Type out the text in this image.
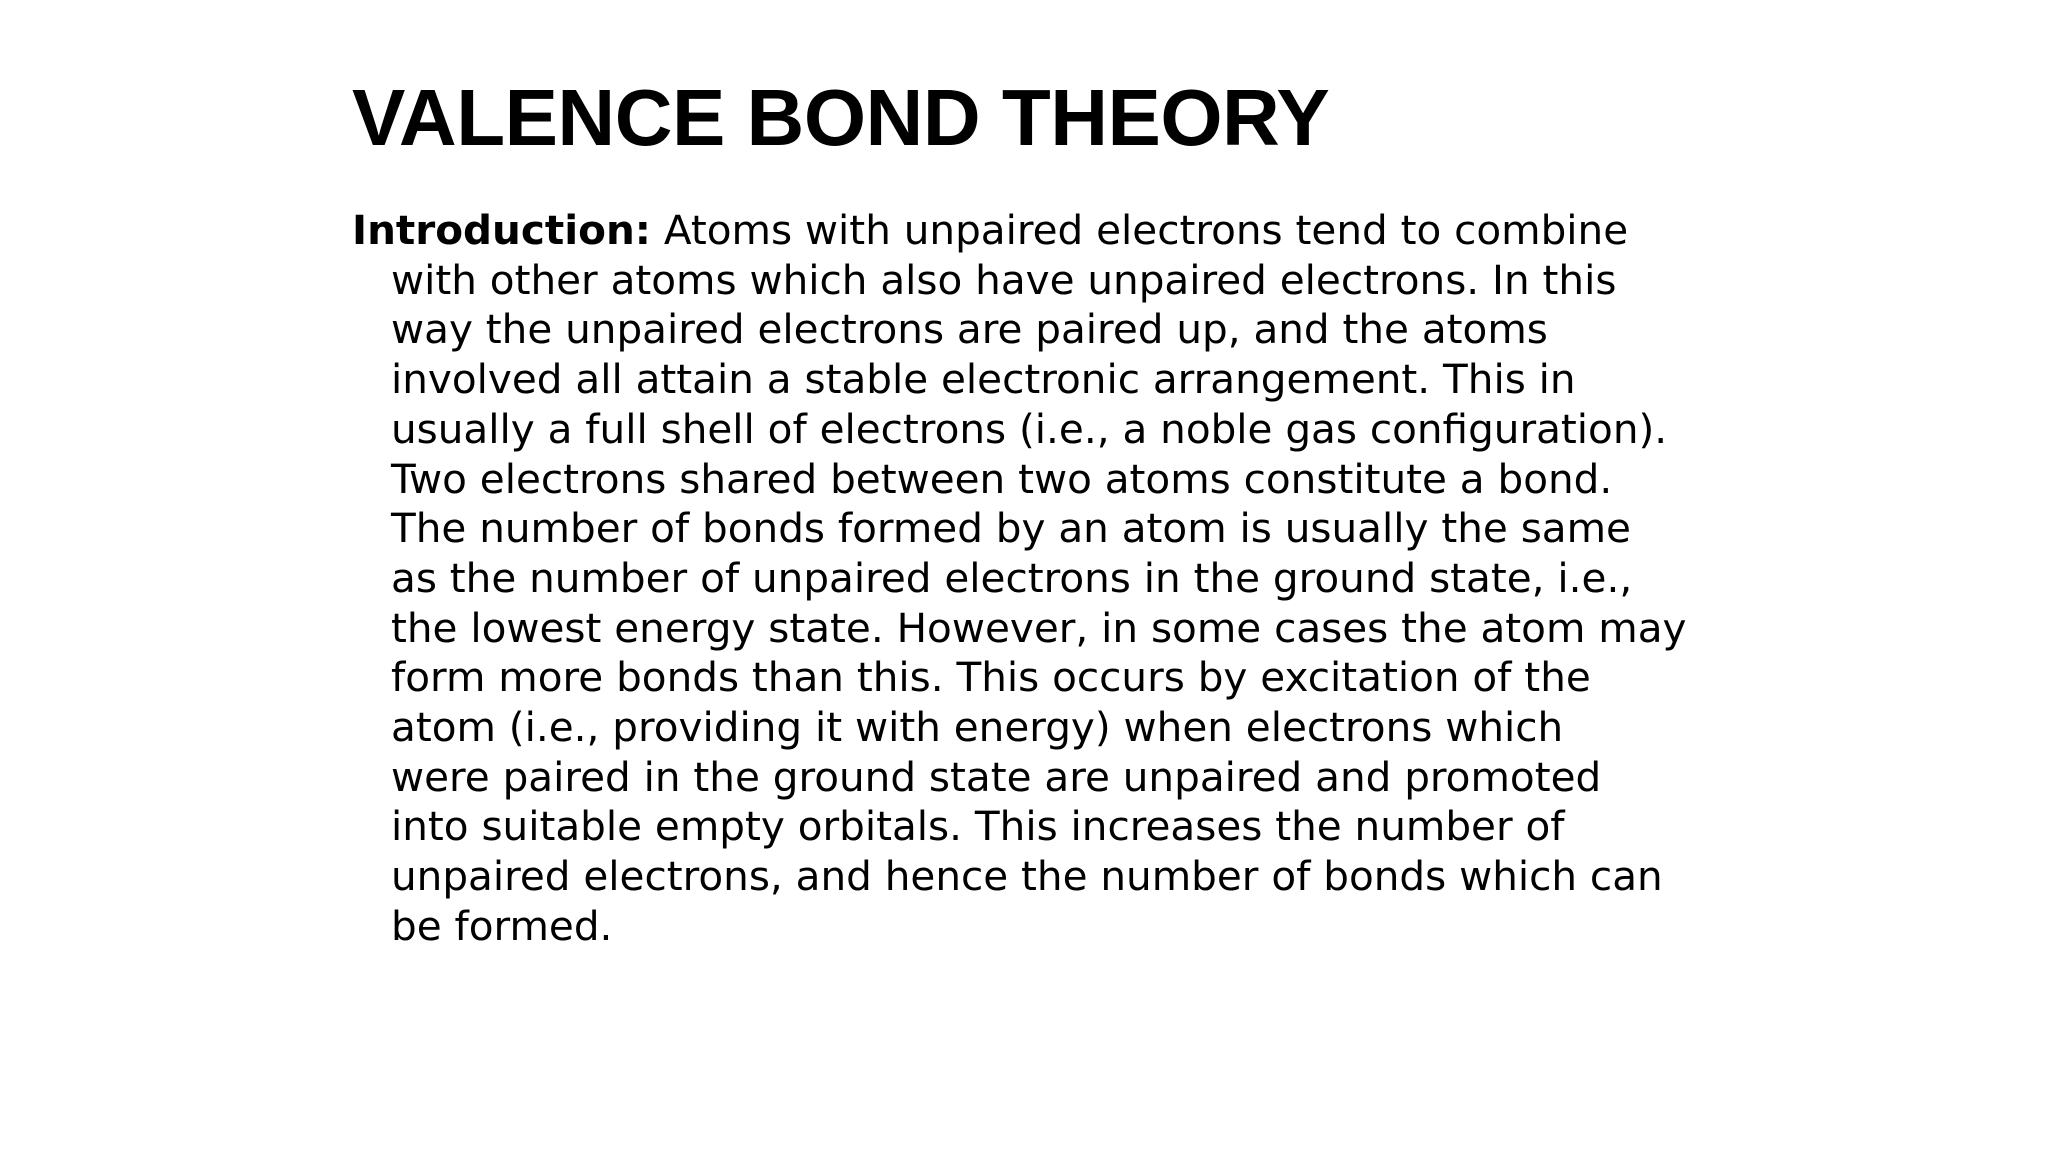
VALENCE BOND THEORY
Introduction: Atoms with unpaired electrons tend to combine
with other atoms which also have unpaired electrons. In this
way the unpaired electrons are paired up, and the atoms
involved all attain a stable electronic arrangement. This in
usually a full shell of electrons (i.e., a noble gas configuration).
Two electrons shared between two atoms constitute a bond.
The number of bonds formed by an atom is usually the same
as the number of unpaired electrons in the ground state, i.e.,
the lowest energy state. However, in some cases the atom may
form more bonds than this. This occurs by excitation of the
atom (i.e., providing it with energy) when electrons which
were paired in the ground state are unpaired and promoted
into suitable empty orbitals. This increases the number of
unpaired electrons, and hence the number of bonds which can
be formed.
